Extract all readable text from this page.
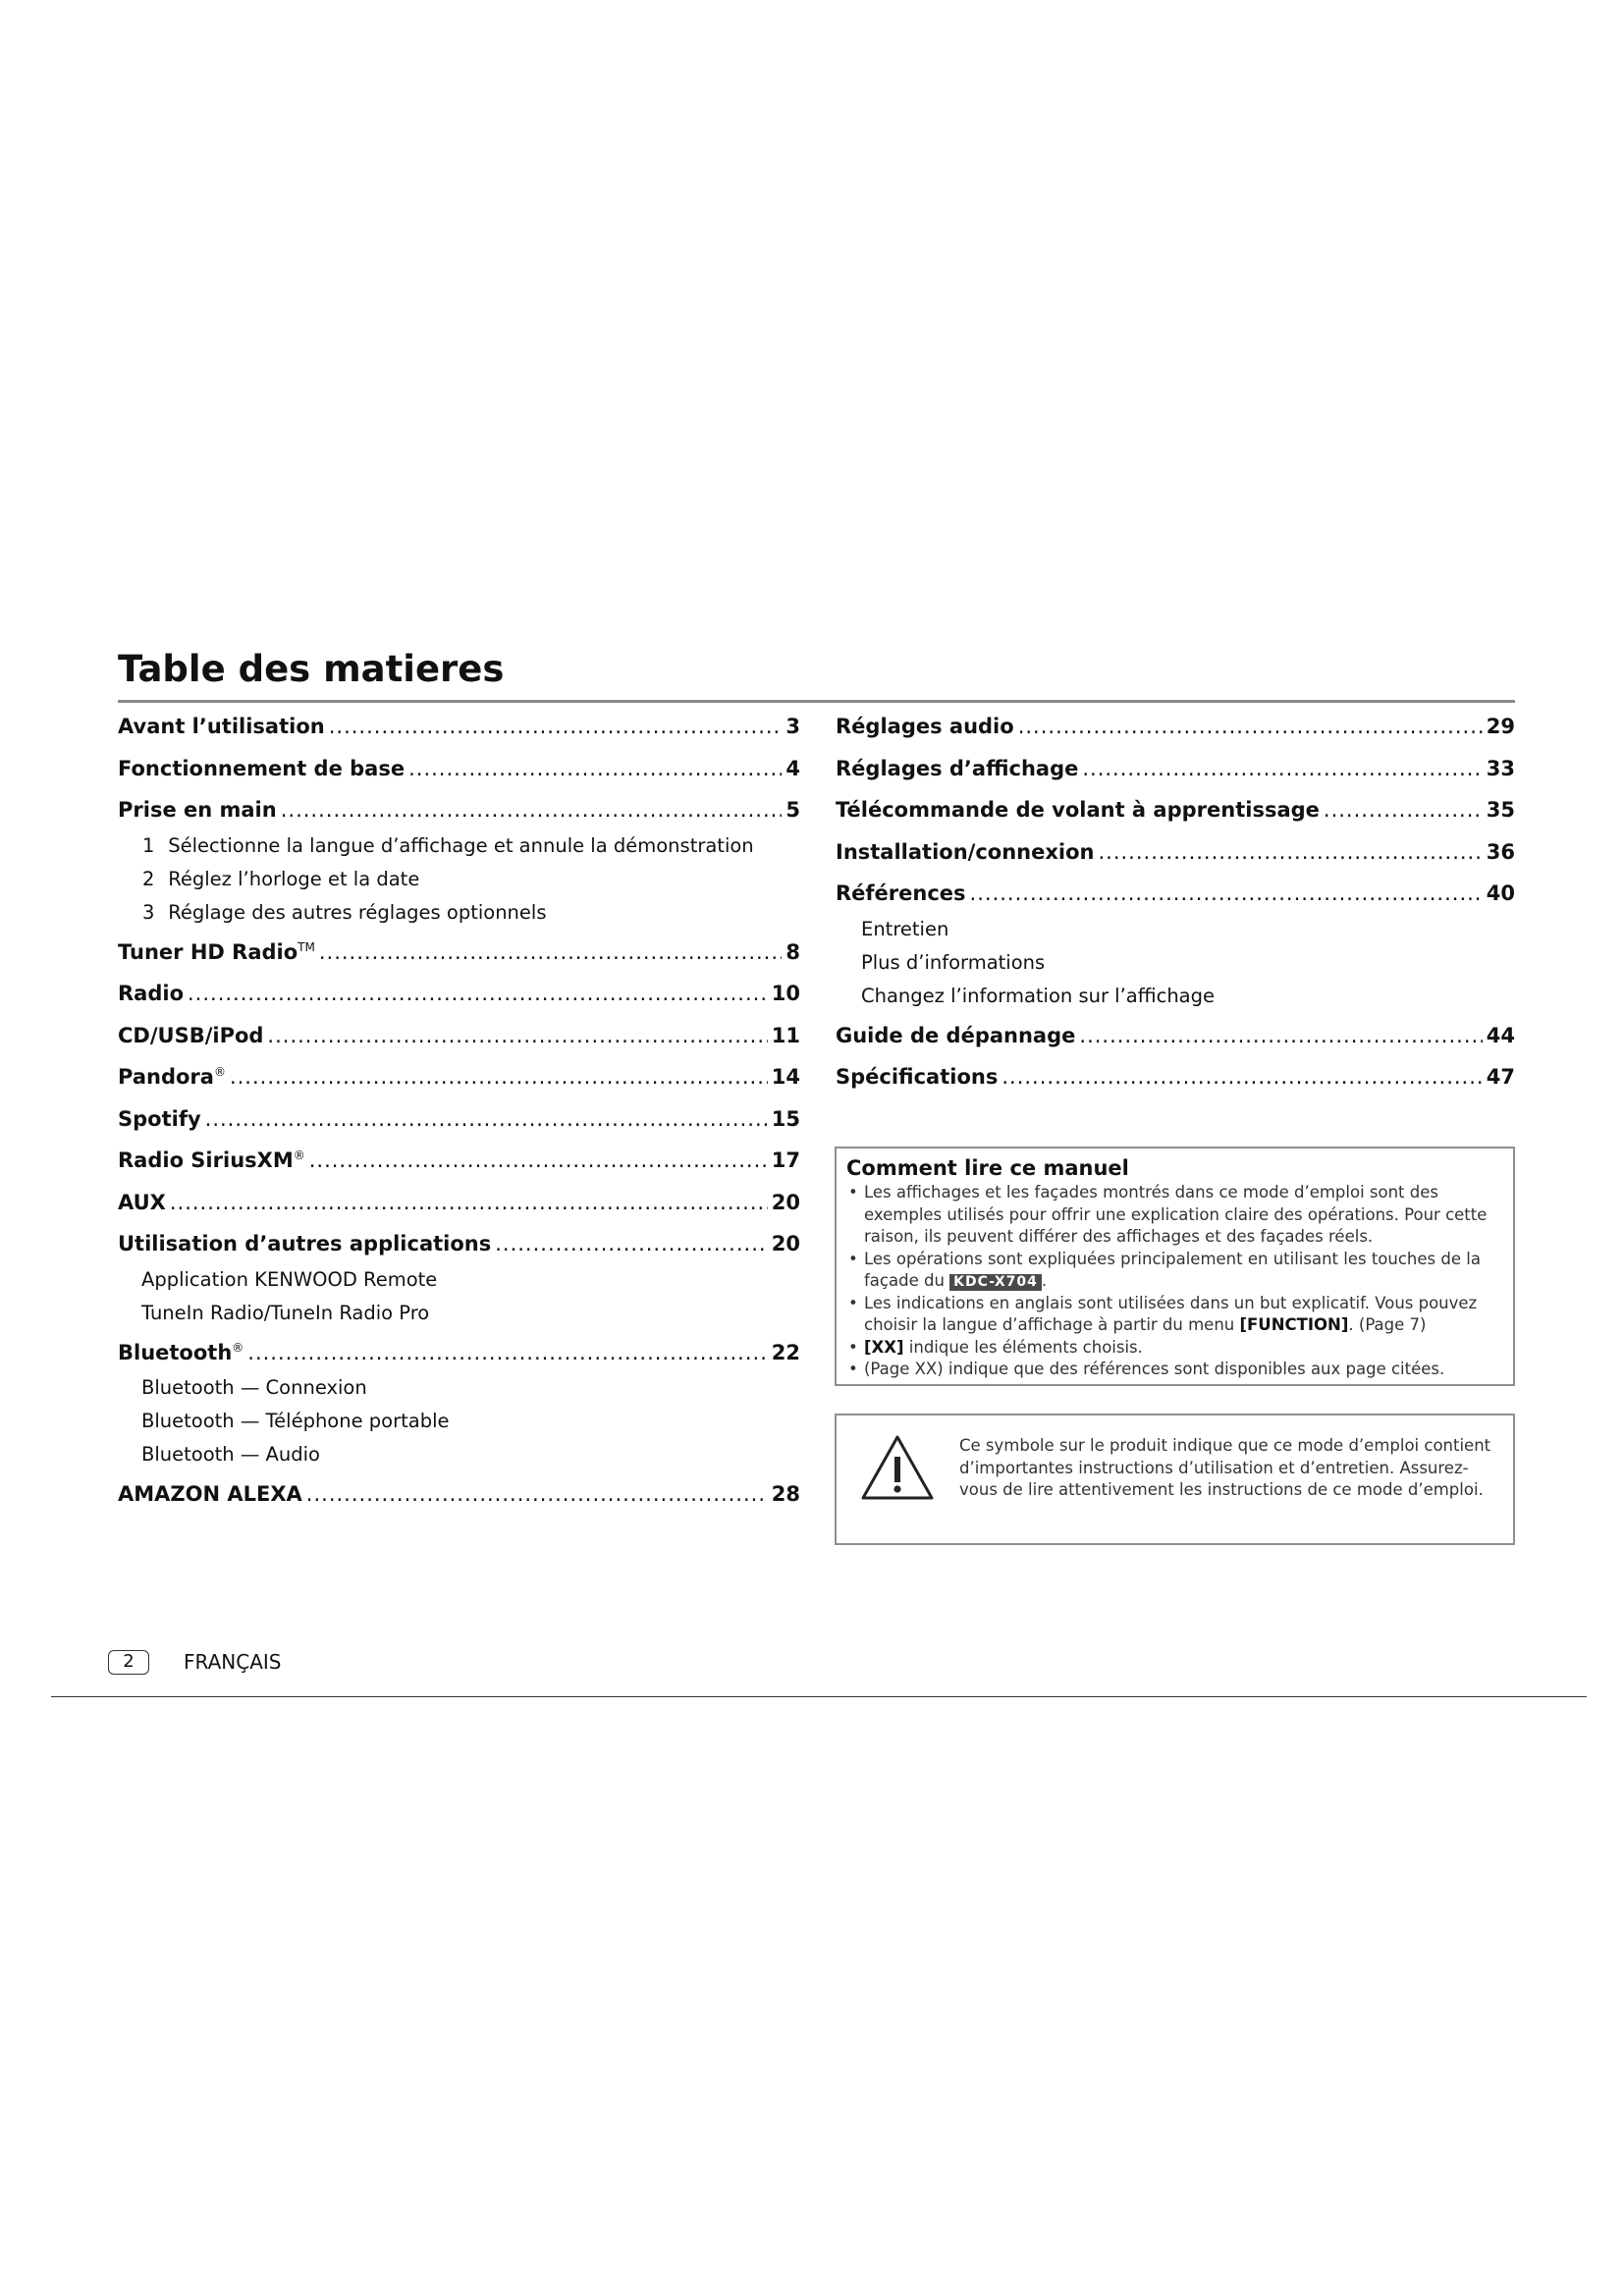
Table des matieres
Avant l’utilisation .....	3
Fonctionnement de base .....	4
Prise en main .....	5
1 Sélectionne la langue d’affichage et annule la démonstration
2 Réglez l’horloge et la date
3 Réglage des autres réglages optionnels
Tuner HD Radio™ .....	8
Radio .....	10
CD/USB/iPod .....	11
Pandora® .....	14
Spotify .....	15
Radio SiriusXM® .....	17
AUX .....	20
Utilisation d’autres applications .....	20
Application KENWOOD Remote
TuneIn Radio/TuneIn Radio Pro
Bluetooth® .....	22
Bluetooth — Connexion
Bluetooth — Téléphone portable
Bluetooth — Audio
AMAZON ALEXA .....	28
Réglages audio .....	29
Réglages d’affichage .....	33
Télécommande de volant à apprentissage .....	35
Installation/connexion .....	36
Références .....	40
Entretien
Plus d’informations
Changez l’information sur l’affichage
Guide de dépannage .....	44
Spécifications .....	47
Comment lire ce manuel
• Les affichages et les façades montrés dans ce mode d’emploi sont des exemples utilisés pour offrir une explication claire des opérations. Pour cette raison, ils peuvent différer des affichages et des façades réels.
• Les opérations sont expliquées principalement en utilisant les touches de la façade du KDC-X704 .
• Les indications en anglais sont utilisées dans un but explicatif. Vous pouvez choisir la langue d’affichage à partir du menu [FUNCTION]. (Page 7)
• [XX] indique les éléments choisis.
• (Page XX) indique que des références sont disponibles aux page citées.
Ce symbole sur le produit indique que ce mode d’emploi contient d’importantes instructions d’utilisation et d’entretien. Assurez-vous de lire attentivement les instructions de ce mode d’emploi.
2	FRANÇAIS
